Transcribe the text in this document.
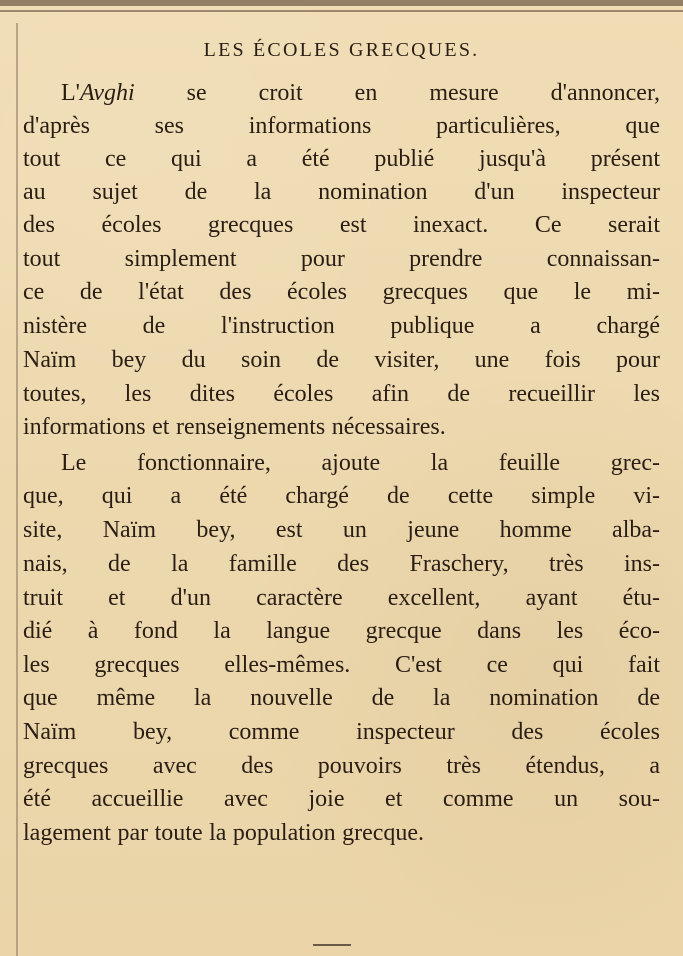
LES ÉCOLES GRECQUES.
L'Avghi se croit en mesure d'annoncer,
d'après ses informations particulières, que
tout ce qui a été publié jusqu'à présent
au sujet de la nomination d'un inspecteur
des écoles grecques est inexact. Ce serait
tout simplement pour prendre connaissan-
ce de l'état des écoles grecques que le mi-
nistère de l'instruction publique a chargé
Naïm bey du soin de visiter, une fois pour
toutes, les dites écoles afin de recueillir les
informations et renseignements nécessaires.
Le fonctionnaire, ajoute la feuille grec-
que, qui a été chargé de cette simple vi-
site, Naïm bey, est un jeune homme alba-
nais, de la famille des Fraschery, très ins-
truit et d'un caractère excellent, ayant étu-
dié à fond la langue grecque dans les éco-
les grecques elles-mêmes. C'est ce qui fait
que même la nouvelle de la nomination de
Naïm bey, comme inspecteur des écoles
grecques avec des pouvoirs très étendus, a
été accueillie avec joie et comme un sou-
lagement par toute la population grecque.
